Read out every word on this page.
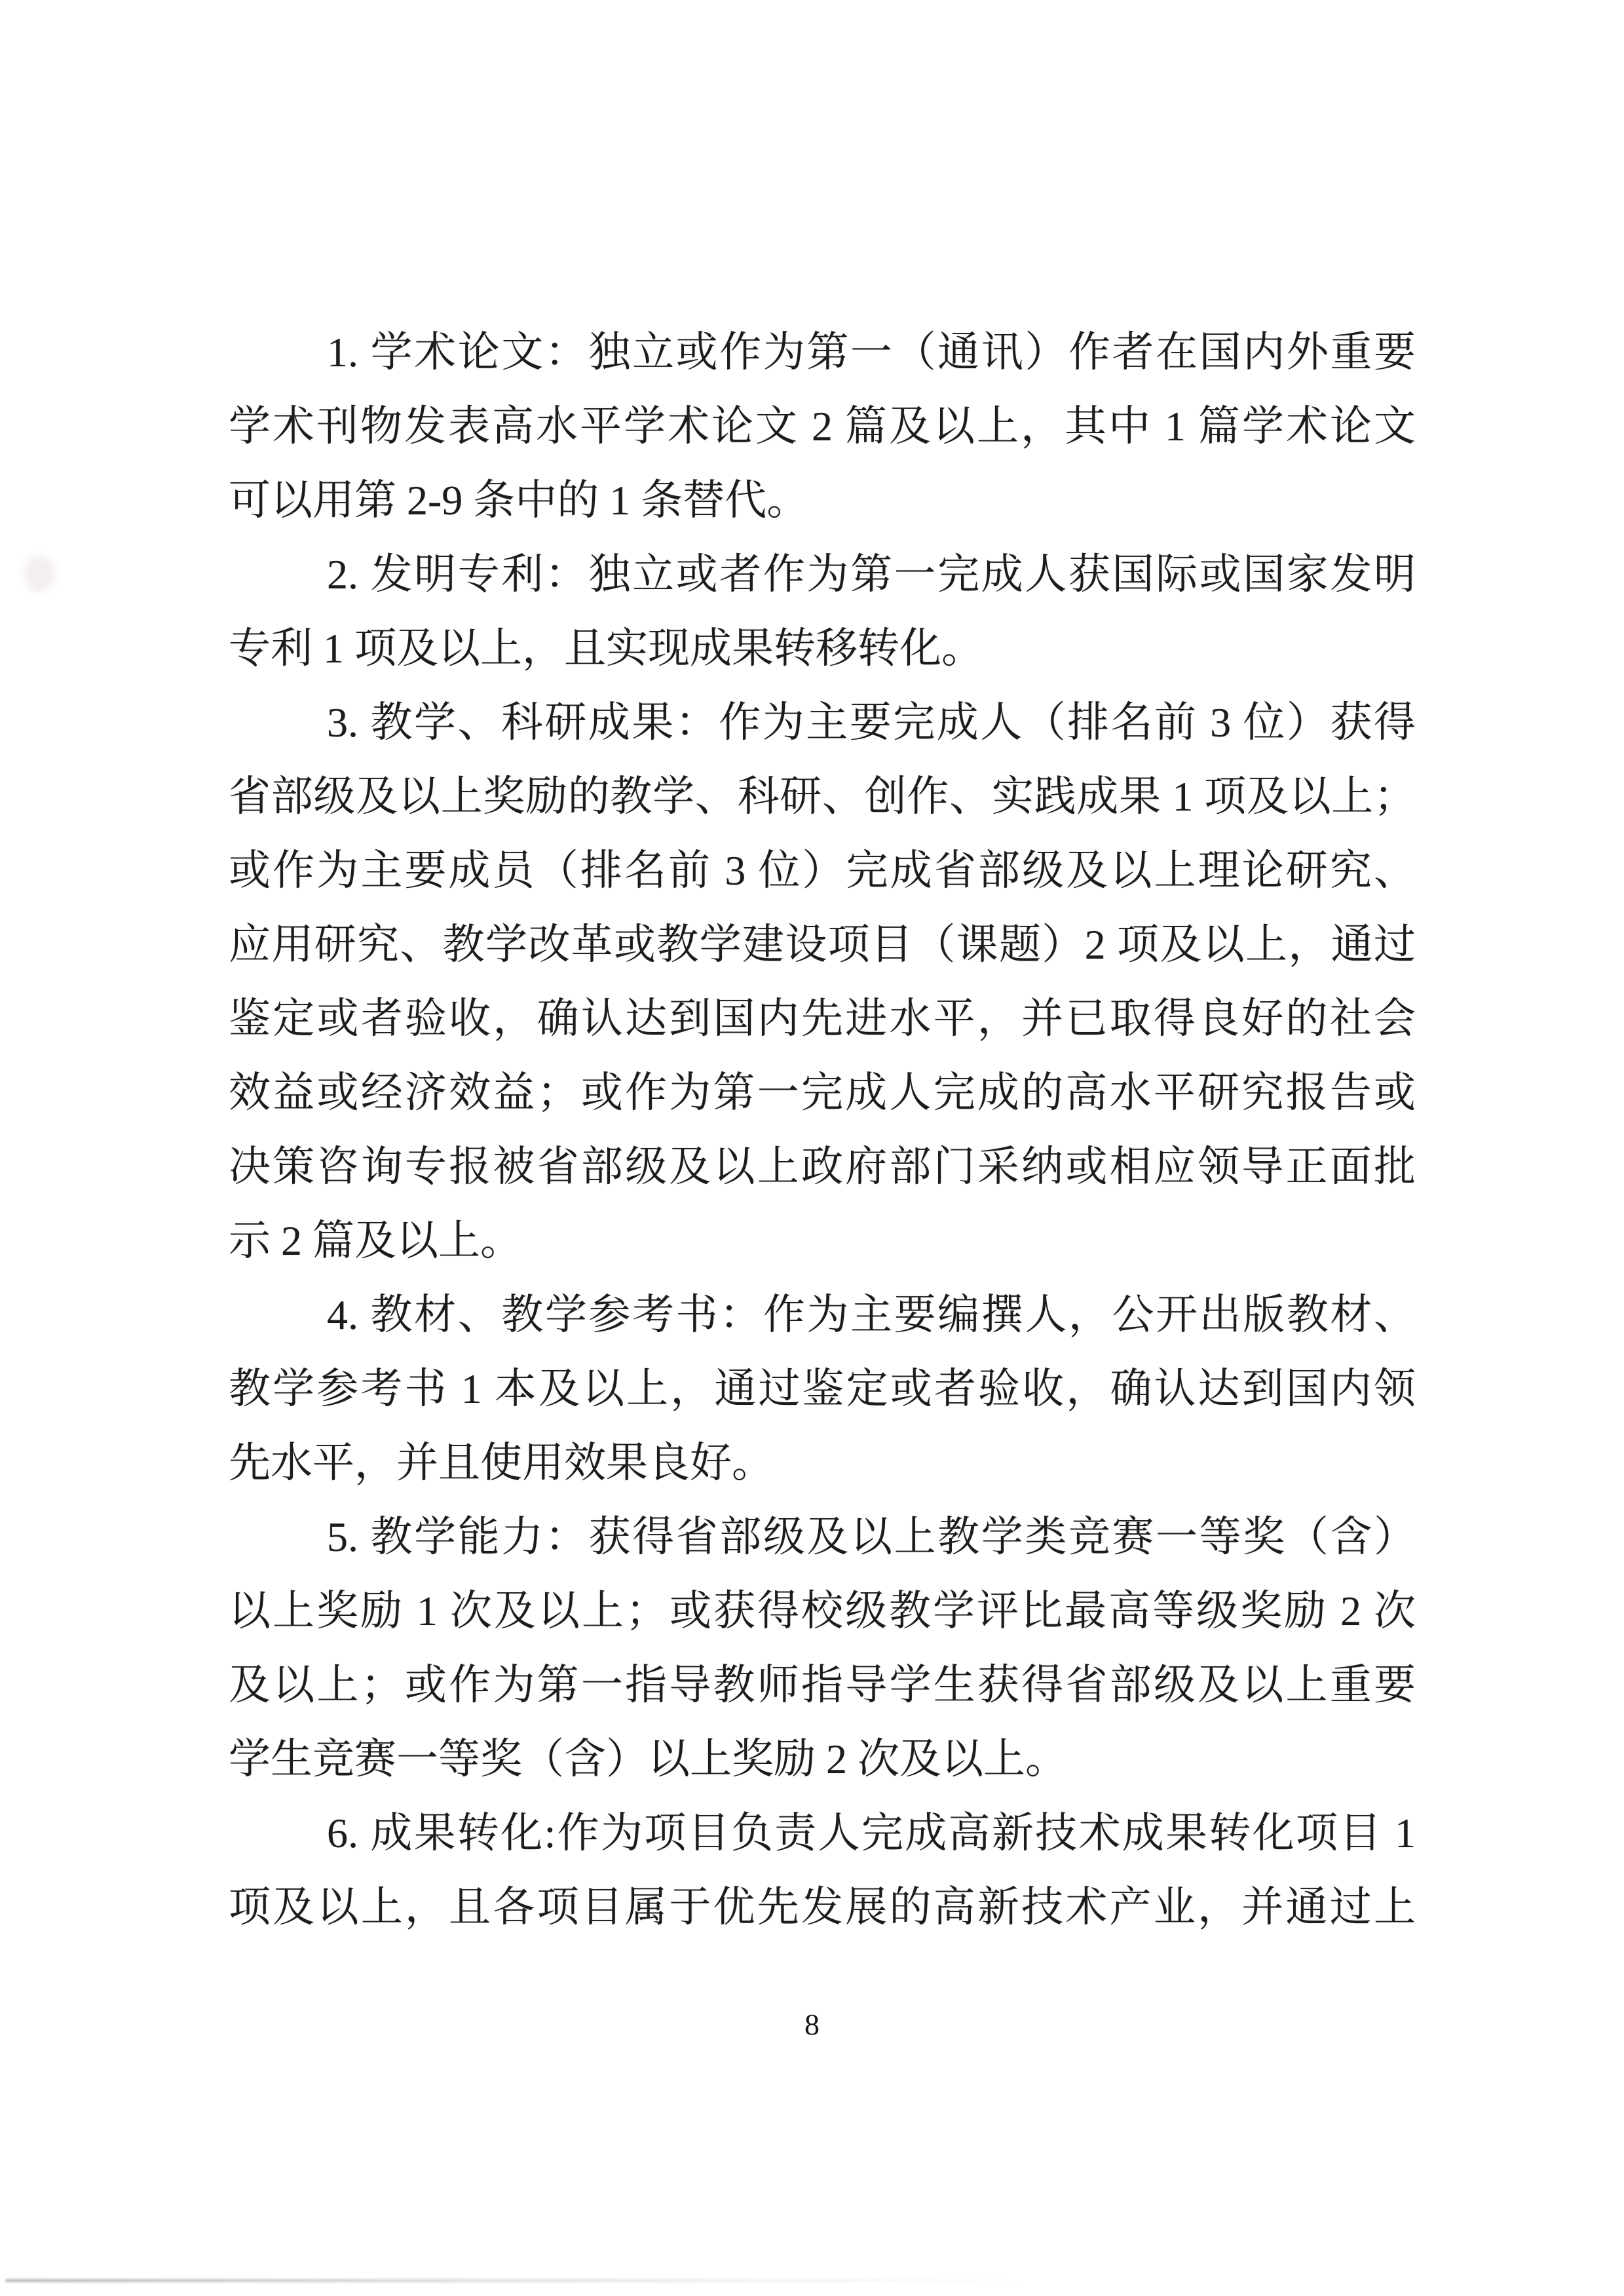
1. 学术论文：独立或作为第一（通讯）作者在国内外重要

学术刊物发表高水平学术论文 2 篇及以上，其中 1 篇学术论文

可以用第 2-9 条中的 1 条替代。

2. 发明专利：独立或者作为第一完成人获国际或国家发明

专利 1 项及以上，且实现成果转移转化。

3. 教学、科研成果：作为主要完成人（排名前 3 位）获得

省部级及以上奖励的教学、科研、创作、实践成果 1 项及以上；

或作为主要成员（排名前 3 位）完成省部级及以上理论研究、

应用研究、教学改革或教学建设项目（课题）2 项及以上，通过

鉴定或者验收，确认达到国内先进水平，并已取得良好的社会

效益或经济效益；或作为第一完成人完成的高水平研究报告或

决策咨询专报被省部级及以上政府部门采纳或相应领导正面批

示 2 篇及以上。

4. 教材、教学参考书：作为主要编撰人，公开出版教材、

教学参考书 1 本及以上，通过鉴定或者验收，确认达到国内领

先水平，并且使用效果良好。

5. 教学能力：获得省部级及以上教学类竞赛一等奖（含）

以上奖励 1 次及以上；或获得校级教学评比最高等级奖励 2 次

及以上；或作为第一指导教师指导学生获得省部级及以上重要

学生竞赛一等奖（含）以上奖励 2 次及以上。

6. 成果转化:作为项目负责人完成高新技术成果转化项目 1

项及以上，且各项目属于优先发展的高新技术产业，并通过上

8
